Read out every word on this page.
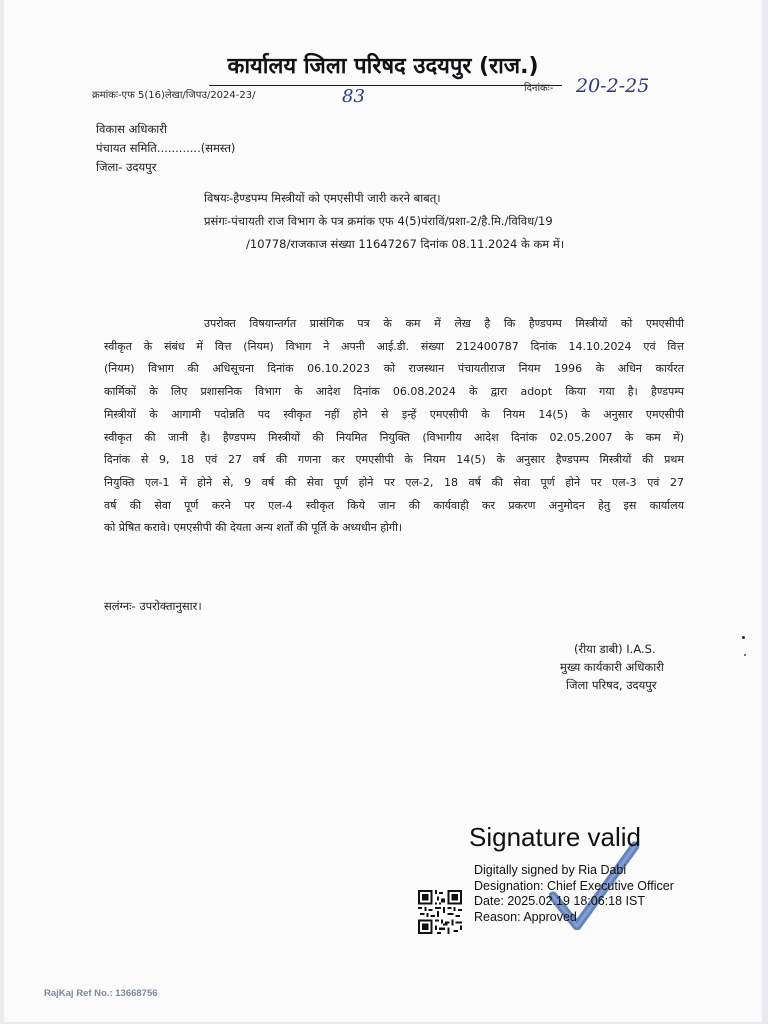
कार्यालय जिला परिषद उदयपुर (राज.)
क्रमांकः-एफ 5(16)लेखा/जिपउ/2024-23/	83	दिनांकः- 20-2-25
विकास अधिकारी
पंचायत समिति............(समस्त)
जिला- उदयपुर
विषयः-हैण्डपम्प मिस्त्रीयों को एमएसीपी जारी करने बाबत्।
प्रसंगः-पंचायती राज विभाग के पत्र क्रमांक एफ 4(5)पंराविं/प्रशा-2/है.मि./विविध/19
/10778/राजकाज संख्या 11647267 दिनांक 08.11.2024 के कम में।
उपरोक्त विषयान्तर्गत प्रासंगिक पत्र के कम में लेख है कि हैण्डपम्प मिस्त्रीयों को एमएसीपी
स्वीकृत के संबंध में वित्त (नियम) विभाग ने अपनी आई.डी. संख्या 212400787 दिनांक 14.10.2024 एवं वित्त
(नियम) विभाग की अधिसूचना दिनांक 06.10.2023 को राजस्थान पंचायतीराज नियम 1996 के अधिन कार्यरत
कार्मिकों के लिए प्रशासनिक विभाग के आदेश दिनांक 06.08.2024 के द्वारा adopt किया गया है। हैण्डपम्प
मिस्त्रीयों के आगामी पदोन्नति पद स्वीकृत नहीं होने से इन्हें एमएसीपी के नियम 14(5) के अनुसार एमएसीपी
स्वीकृत की जानी है। हैण्डपम्प मिस्त्रीयों की नियमित नियुक्ति (विभागीय आदेश दिनांक 02.05.2007 के कम में)
दिनांक से 9, 18 एवं 27 वर्ष की गणना कर एमएसीपी के नियम 14(5) के अनुसार हैण्डपम्प मिस्त्रीयों की प्रथम
नियुक्ति एल-1 में होने से, 9 वर्ष की सेवा पूर्ण होने पर एल-2, 18 वर्ष की सेवा पूर्ण होने पर एल-3 एवं 27
वर्ष की सेवा पूर्ण करने पर एल-4 स्वीकृत किये जान की कार्यवाही कर प्रकरण अनुमोदन हेतु इस कार्यालय
को प्रेषित करावे। एमएसीपी की देयता अन्य शर्तों की पूर्ति के अध्यधीन होगी।
सलंग्नः- उपरोक्तानुसार।
(रीया डाबी) I.A.S.
मुख्य कार्यकारी अधिकारी
जिला परिषद, उदयपुर
Signature valid
Digitally signed by Ria Dabi
Designation: Chief Executive Officer
Date: 2025.02.19 18:06:18 IST
Reason: Approved
RajKaj Ref No.: 13668756
